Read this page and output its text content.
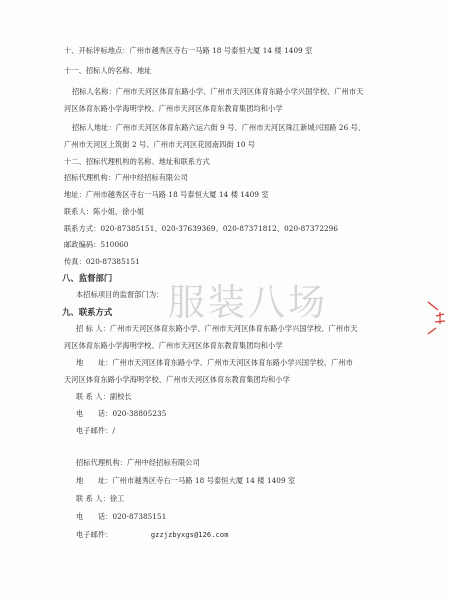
十、开标评标地点：广州市越秀区寺右一马路 18 号泰恒大厦 14 楼 1409 室
十一、招标人的名称、地址
招标人名称：广州市天河区体育东路小学、广州市天河区体育东路小学兴国学校、广州市天
河区体育东路小学海明学校、广州市天河区体育东教育集团均和小学
招标人地址：广州市天河区体育东路六运六街 9 号、广州市天河区珠江新城兴国路 26 号、
广州市天河区上筑街 2 号、广州市天河区花园南四街 10 号
十二、招标代理机构的名称、地址和联系方式
招标代理机构：广州中经招标有限公司
地址：广州市越秀区寺右一马路 18 号泰恒大厦 14 楼 1409 室
联系人：陈小姐、徐小姐
联系方式：020-87385151、020-37639369、020-87371812、020-87372296
邮政编码：510060
传真：020-87385151
八、监督部门
本招标项目的监督部门为：
九、联系方式
招 标 人：广州市天河区体育东路小学、广州市天河区体育东路小学兴国学校、广州市天
河区体育东路小学海明学校、广州市天河区体育东教育集团均和小学
地　　址：广州市天河区体育东路小学、广州市天河区体育东路小学兴国学校、广州市
天河区体育东路小学海明学校、广州市天河区体育东教育集团均和小学
联 系 人：副校长
电　　话：020-38805235
电子邮件：/
招标代理机构：广州中经招标有限公司
地　　址：广州市越秀区寺右一马路 18 号泰恒大厦 14 楼 1409 室
联 系 人：徐工
电　　话：020-87385151
电子邮件：	gzzjzbyxgs@126.com
服装八场
